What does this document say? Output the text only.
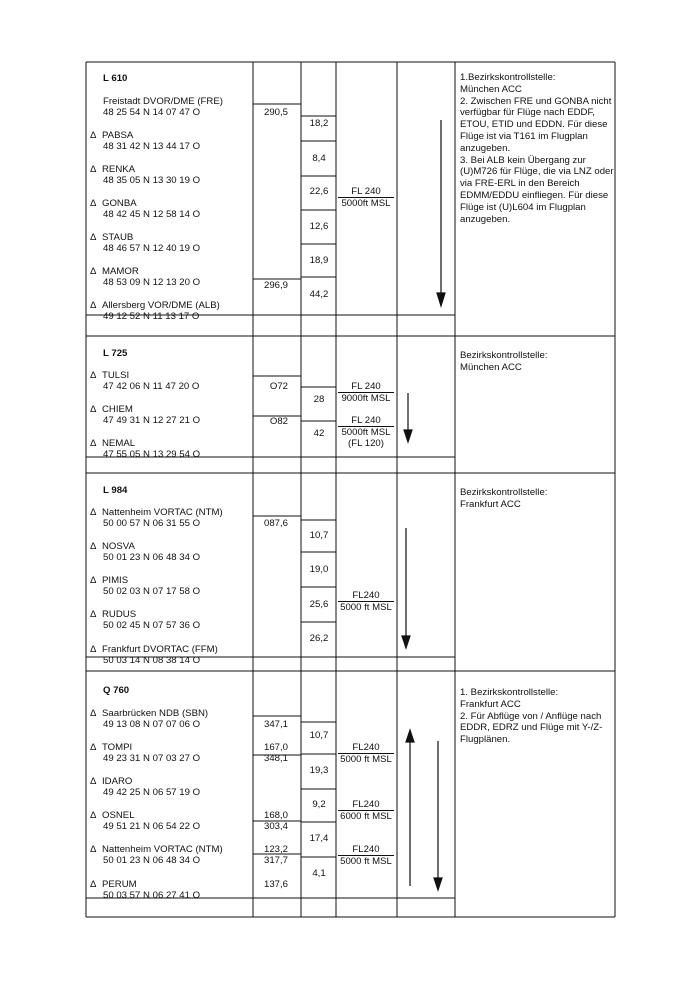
L 610
Freistadt DVOR/DME (FRE)
48 25 54 N 14 07 47 O
Δ PABSA
48 31 42 N 13 44 17 O
Δ RENKA
48 35 05 N 13 30 19 O
Δ GONBA
48 42 45 N 12 58 14 O
Δ STAUB
48 46 57 N 12 40 19 O
Δ MAMOR
48 53 09 N 12 13 20 O
Δ Allersberg VOR/DME (ALB)
49 12 52 N 11 13 17 O
290,5
296,9
18,2
8,4
22,6
12,6
18,9
44,2
FL 240
5000ft MSL

1.Bezirkskontrollstelle:

München ACC

2. Zwischen FRE und GONBA nicht verfügbar für Flüge nach EDDF, ETOU, ETID und EDDN. Für diese Flüge ist via T161 im Flugplan anzugeben.

3. Bei ALB kein Übergang zur (U)M726 für Flüge, die via LNZ oder via FRE-ERL in den Bereich EDMM/EDDU einfliegen. Für diese Flüge ist (U)L604 im Flugplan anzugeben.

L 725
Δ TULSI
47 42 06 N 11 47 20 O
Δ CHIEM
47 49 31 N 12 27 21 O
Δ NEMAL
47 55 05 N 13 29 54 O
O72
O82
28
42
FL 240
9000ft MSL
FL 240
5000ft MSL
(FL 120)

Bezirkskontrollstelle:

München ACC

L 984
Δ Nattenheim VORTAC (NTM)
50 00 57 N 06 31 55 O
Δ NOSVA
50 01 23 N 06 48 34 O
Δ PIMIS
50 02 03 N 07 17 58 O
Δ RUDUS
50 02 45 N 07 57 36 O
Δ Frankfurt DVORTAC (FFM)
50 03 14 N 08 38 14 O
087,6
10,7
19,0
25,6
26,2
FL240
5000 ft MSL

Bezirkskontrollstelle:

Frankfurt ACC

Q 760
Δ Saarbrücken NDB (SBN)
49 13 08 N 07 07 06 O
Δ TOMPI
49 23 31 N 07 03 27 O
Δ IDARO
49 42 25 N 06 57 19 O
Δ OSNEL
49 51 21 N 06 54 22 O
Δ Nattenheim VORTAC (NTM)
50 01 23 N 06 48 34 O
Δ PERUM
50 03 57 N 06 27 41 O
347,1
167,0
348,1
168,0
303,4
123,2
317,7
137,6
10,7
19,3
9,2
17,4
4,1
FL240
5000 ft MSL
FL240
6000 ft MSL
FL240
5000 ft MSL

1. Bezirkskontrollstelle:

Frankfurt ACC

2. Für Abflüge von / Anflüge nach EDDR, EDRZ und Flüge mit Y-/Z-Flugplänen.
